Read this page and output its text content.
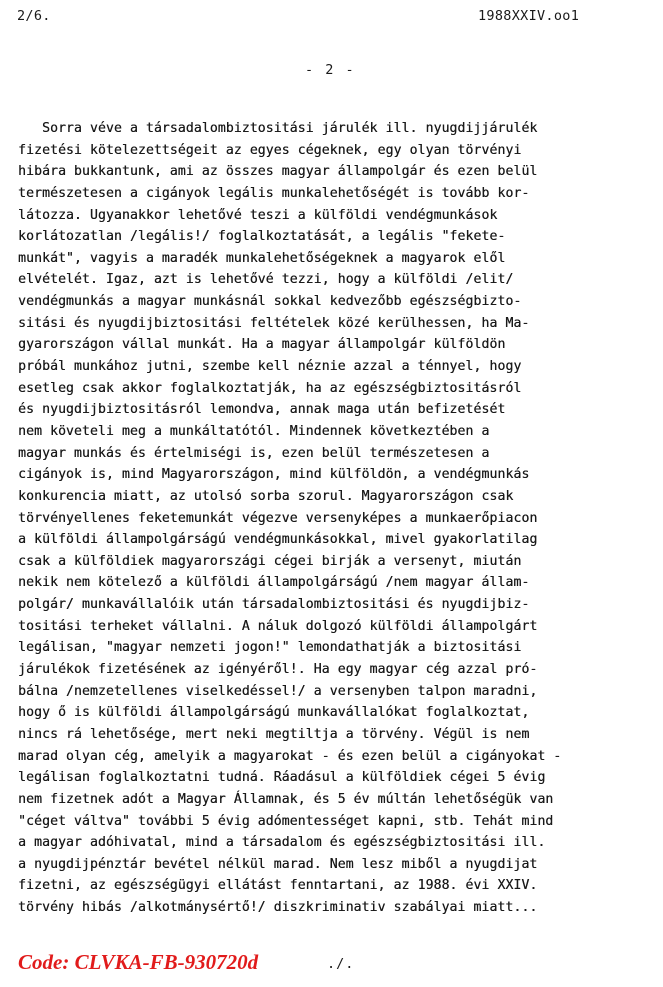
2/6.	1988XXIV.oo1
- 2 -
Sorra véve a társadalombiztositási járulék ill. nyugdijjárulék
fizetési kötelezettségeit az egyes cégeknek, egy olyan törvényi
hibára bukkantunk, ami az összes magyar állampolgár és ezen belül
természetesen a cigányok legális munkalehetőségét is tovább kor-
látozza. Ugyanakkor lehetővé teszi a külföldi vendégmunkások
korlátozatlan /legális!/ foglalkoztatását, a legális "fekete-
munkát", vagyis a maradék munkalehetőségeknek a magyarok elől
elvételét. Igaz, azt is lehetővé tezzi, hogy a külföldi /elit/
vendégmunkás a magyar munkásnál sokkal kedvezőbb egészségbizto-
sitási és nyugdijbiztositási feltételek közé kerülhessen, ha Ma-
gyarországon vállal munkát. Ha a magyar állampolgár külföldön
próbál munkához jutni, szembe kell néznie azzal a ténnyel, hogy
esetleg csak akkor foglalkoztatják, ha az egészségbiztositásról
és nyugdijbiztositásról lemondva, annak maga után befizetését
nem követeli meg a munkáltatótól. Mindennek következtében a
magyar munkás és értelmiségi is, ezen belül természetesen a
cigányok is, mind Magyarországon, mind külföldön, a vendégmunkás
konkurencia miatt, az utolsó sorba szorul. Magyarországon csak
törvényellenes feketemunkát végezve versenyképes a munkaerőpiacon
a külföldi állampolgárságú vendégmunkásokkal, mivel gyakorlatilag
csak a külföldiek magyarországi cégei birják a versenyt, miután
nekik nem kötelező a külföldi állampolgárságú /nem magyar állam-
polgár/ munkavállalóik után társadalombiztositási és nyugdijbiz-
tositási terheket vállalni. A náluk dolgozó külföldi állampolgárt
legálisan, "magyar nemzeti jogon!" lemondathatják a biztositási
járulékok fizetésének az igényéről!. Ha egy magyar cég azzal pró-
bálna /nemzetellenes viselkedéssel!/ a versenyben talpon maradni,
hogy ő is külföldi állampolgárságú munkavállalókat foglalkoztat,
nincs rá lehetősége, mert neki megtiltja a törvény. Végül is nem
marad olyan cég, amelyik a magyarokat - és ezen belül a cigányokat -
legálisan foglalkoztatni tudná. Ráadásul a külföldiek cégei 5 évig
nem fizetnek adót a Magyar Államnak, és 5 év múltán lehetőségük van
"céget váltva" további 5 évig adómentességet kapni, stb. Tehát mind
a magyar adóhivatal, mind a társadalom és egészségbiztositási ill.
a nyugdijpénztár bevétel nélkül marad. Nem lesz miből a nyugdijat
fizetni, az egészségügyi ellátást fenntartani, az 1988. évi XXIV.
törvény hibás /alkotmánysértő!/ diszkriminativ szabályai miatt...
Code: CLVKA-FB-930720d	./.
